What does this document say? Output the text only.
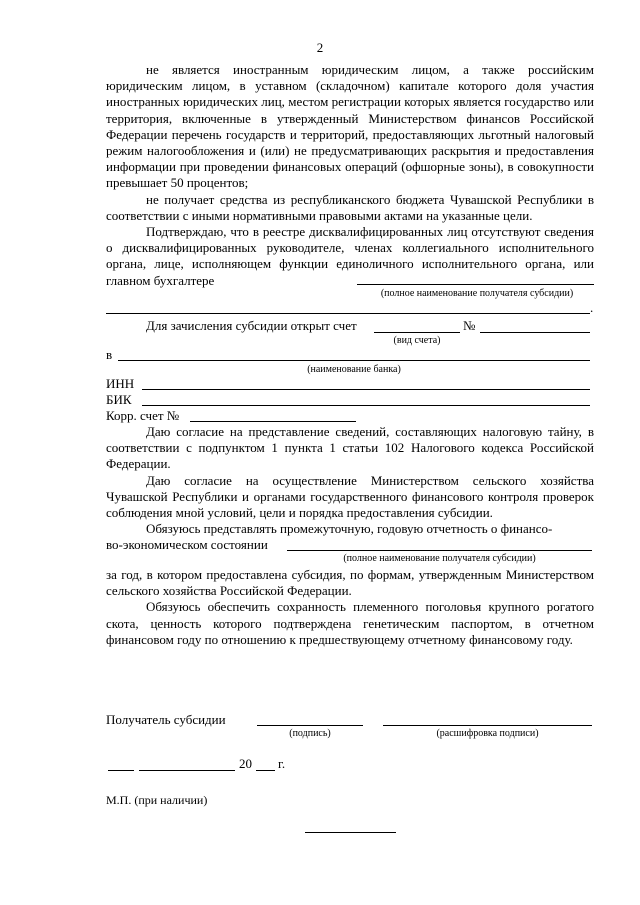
2

не является иностранным юридическим лицом, а также российским юридическим лицом, в уставном (складочном) капитале которого доля участия иностранных юридических лиц, местом регистрации которых является государство или территория, включенные в утвержденный Министерством финансов Российской Федерации перечень государств и территорий, предоставляющих льготный налоговый режим налогообложения и (или) не предусматривающих раскрытия и предоставления информации при проведении финансовых операций (офшорные зоны), в совокупности превышает 50 процентов;

не получает средства из республиканского бюджета Чувашской Республики в соответствии с иными нормативными правовыми актами на указанные цели.

Подтверждаю, что в реестре дисквалифицированных лиц отсутствуют сведения о дисквалифицированных руководителе, членах коллегиального исполнительного органа, лице, исполняющем функции единоличного исполнительного органа, или главном бухгалтере

(полное наименование получателя субсидии)
.
Для зачисления субсидии открыт счет	№
(вид счета)
в
(наименование банка)
ИНН
БИК
Корр. счет №

Даю согласие на представление сведений, составляющих налоговую тайну, в соответствии с подпунктом 1 пункта 1 статьи 102 Налогового кодекса Российской Федерации.

Даю согласие на осуществление Министерством сельского хозяйства Чувашской Республики и органами государственного финансового контроля проверок соблюдения мной условий, цели и порядка предоставления субсидии.

Обязуюсь представлять промежуточную, годовую отчетность о финансо-
во-экономическом состоянии
(полное наименование получателя субсидии)

за год, в котором предоставлена субсидия, по формам, утвержденным Министерством сельского хозяйства Российской Федерации.

Обязуюсь обеспечить сохранность племенного поголовья крупного рогатого скота, ценность которого подтверждена генетическим паспортом, в отчетном финансовом году по отношению к предшествующему отчетному финансовому году.

Получатель субсидии
(подпись)	(расшифровка подписи)
20 г.
М.П. (при наличии)
